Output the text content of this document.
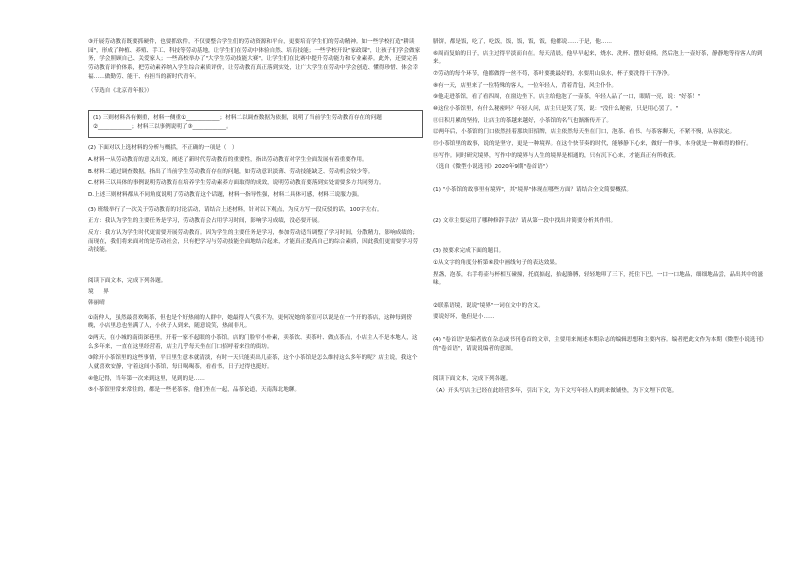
③开展劳动教育既要抓硬件，也要抓软件，不仅要整合学生们的劳动资源和平台，更要培育学生们的劳动精神。如一些学校打造"耕读园"，形成了种植、养殖、手工、科技等劳动基地，让学生们在劳动中体验自然、培育技能；一些学校开设"家政课"，让孩子们学会做家务，学会照顾自己、关爱家人；一些高校举办了"大学生劳动技能大赛"，让学生们在比赛中提升劳动能力和专业素养。此外，还要完善劳动教育评价体系，把劳动素养纳入学生综合素质评价，让劳动教育真正落到实处，让广大学生在劳动中学会创造、懂得珍惜、体会幸福……做勤劳、能干、有担当的新时代青年。

（节选自《北京青年报》）

(1) 三则材料各有侧重，材料一侧重①____________；材料二以调查数据为依据，说明了当前学生劳动教育存在的问题②____________；材料三以事例说明了③____________。

(2) 下面对以上选材料的分析与概括，不正确的一项是（　）

A.材料一从劳动教育的意义出发，阐述了新时代劳动教育的重要性，指出劳动教育对学生全面发展有着重要作用。

B.材料二通过调查数据，指出了当前学生劳动教育存在的问题，如劳动意识淡薄、劳动技能缺乏、劳动机会较少等。

C.材料三以具体的事例说明劳动教育在培养学生劳动素养方面取得的成效，说明劳动教育要落到实处需要多方共同努力。

D.上述三则材料都从不同角度说明了劳动教育这个话题，材料一指导性强，材料二具体可感，材料三说服力强。

(3) 班级举行了一次关于劳动教育的讨论活动，请结合上述材料，针对以下观点，为反方写一段反驳的话，100字左右。

正方：我认为学生的主要任务是学习，劳动教育会占用学习时间，影响学习成绩，没必要开展。

反方：我方认为学生时代更需要开展劳动教育。因为学生的主要任务是学习，参加劳动适当调整了学习时间，分散精力，影响成绩的；而现在，我们将来面对的是劳动社会，只有把学习与劳动技能全面地结合起来，才能真正提高自己的综合素质，因此我们更需要学习劳动技能。

阅读下面文本，完成下列各题。

境　界

韩丽晴

①南仲人，虽然最喜欢喝茶，但也是个好热闹的人群中，她最得人气我不为，更何况她的茶室可以说是在一个开的茶店，这种每到傍晚，小店里总也坐满了人，小伙子人到来，随意说笑，热闹非凡。

②两天，在小城的南街深巷里，开着一家不起眼的小茶馆。店的门脸窄小朴素，卖茶饮、卖茶叶、做点茶点，小店主人不是本地人，这么多年来，一直在这里经营着，店主几乎每天坐在门口招呼着来往的街坊。

③除开小茶馆里的这些事情，平日里生意本就清淡，有时一天只能卖出几壶茶，这个小茶馆是怎么维持这么多年的呢？店主说，我这个人就喜欢安静，守着这间小茶馆，每日喝喝茶，看看书，日子过得也挺好。

④他记得，当年第一次来到这里，见到的是……

⑤小茶馆里常来常往的，都是一些老茶客，他们坐在一起，品茶论道，天南海北地聊。

腊饼，都是饭，吃了，吃饭，饭，饭，饭，饭，他都说……于是，他……

⑥周而复始的日子，店主过得平淡而自在。每天清晨，他早早起来，烧水、洗杯、摆好桌椅，然后泡上一壶好茶，静静地等待客人的到来。

⑦劳动的每个环节，他都做得一丝不苟，茶叶要挑最好的，水要用山泉水，杯子要洗得干干净净。

⑧有一天，店里来了一位特殊的客人，一位年轻人，背着背包，风尘仆仆。

⑨他走进茶馆，看了看四周，在窗边坐下。店主给他泡了一壶茶，年轻人品了一口，眼睛一亮，说："好茶！"

⑩这位小茶馆里，有什么秘密吗？年轻人问，店主只是笑了笑，说："没什么秘密，只是用心罢了。"

⑪日积月累的坚持，让店主的茶越来越好，小茶馆的名气也渐渐传开了。

⑫两年后，小茶馆的门口依然挂着那块旧招牌，店主依然每天坐在门口，泡茶、看书、与茶客聊天，不紧不慢，从容淡定。

⑬小茶馆里的故事，说的是坚守，更是一种境界。在这个快节奏的时代，能够静下心来，做好一件事，本身就是一种难得的修行。

⑭写作。同时研究境界，写作中的境界与人生的境界是相通的，只有沉下心来，才能真正有所收获。

（选自《微型小说选刊》2020年9期"卷首语"）

(1) "小茶馆的故事里有境界"，其"境界"体现在哪些方面？请结合全文简要概括。

(2) 文章主要运用了哪种修辞手法？请从第一段中找出并简要分析其作用。

(3) 按要求完成下面的题目。

①从文字的角度分析第⑥段中画线句子的表达效果。

捏盏，泡茶，右手将壶与杯相互碰撞，托底掂起，抬起胳膊，轻轻地叩了三下，托住下巴，一口一口地品，细细地品尝，品出其中的滋味。

②联系语境，说说"境界"一词在文中的含义。

要说好坏，他但是小……

(4) "卷首语"是编者放在杂志或书刊卷首的文章，主要用来阐述本期杂志的编辑思想和主要内容。编者把此文作为本期《微型小说选刊》的"卷首语"，请说说编者的意图。

阅读下面文本，完成下列各题。

（A）开头写店主已经在此经营多年，引出下文，为下文写年轻人的到来做铺垫，为下文埋下伏笔。
